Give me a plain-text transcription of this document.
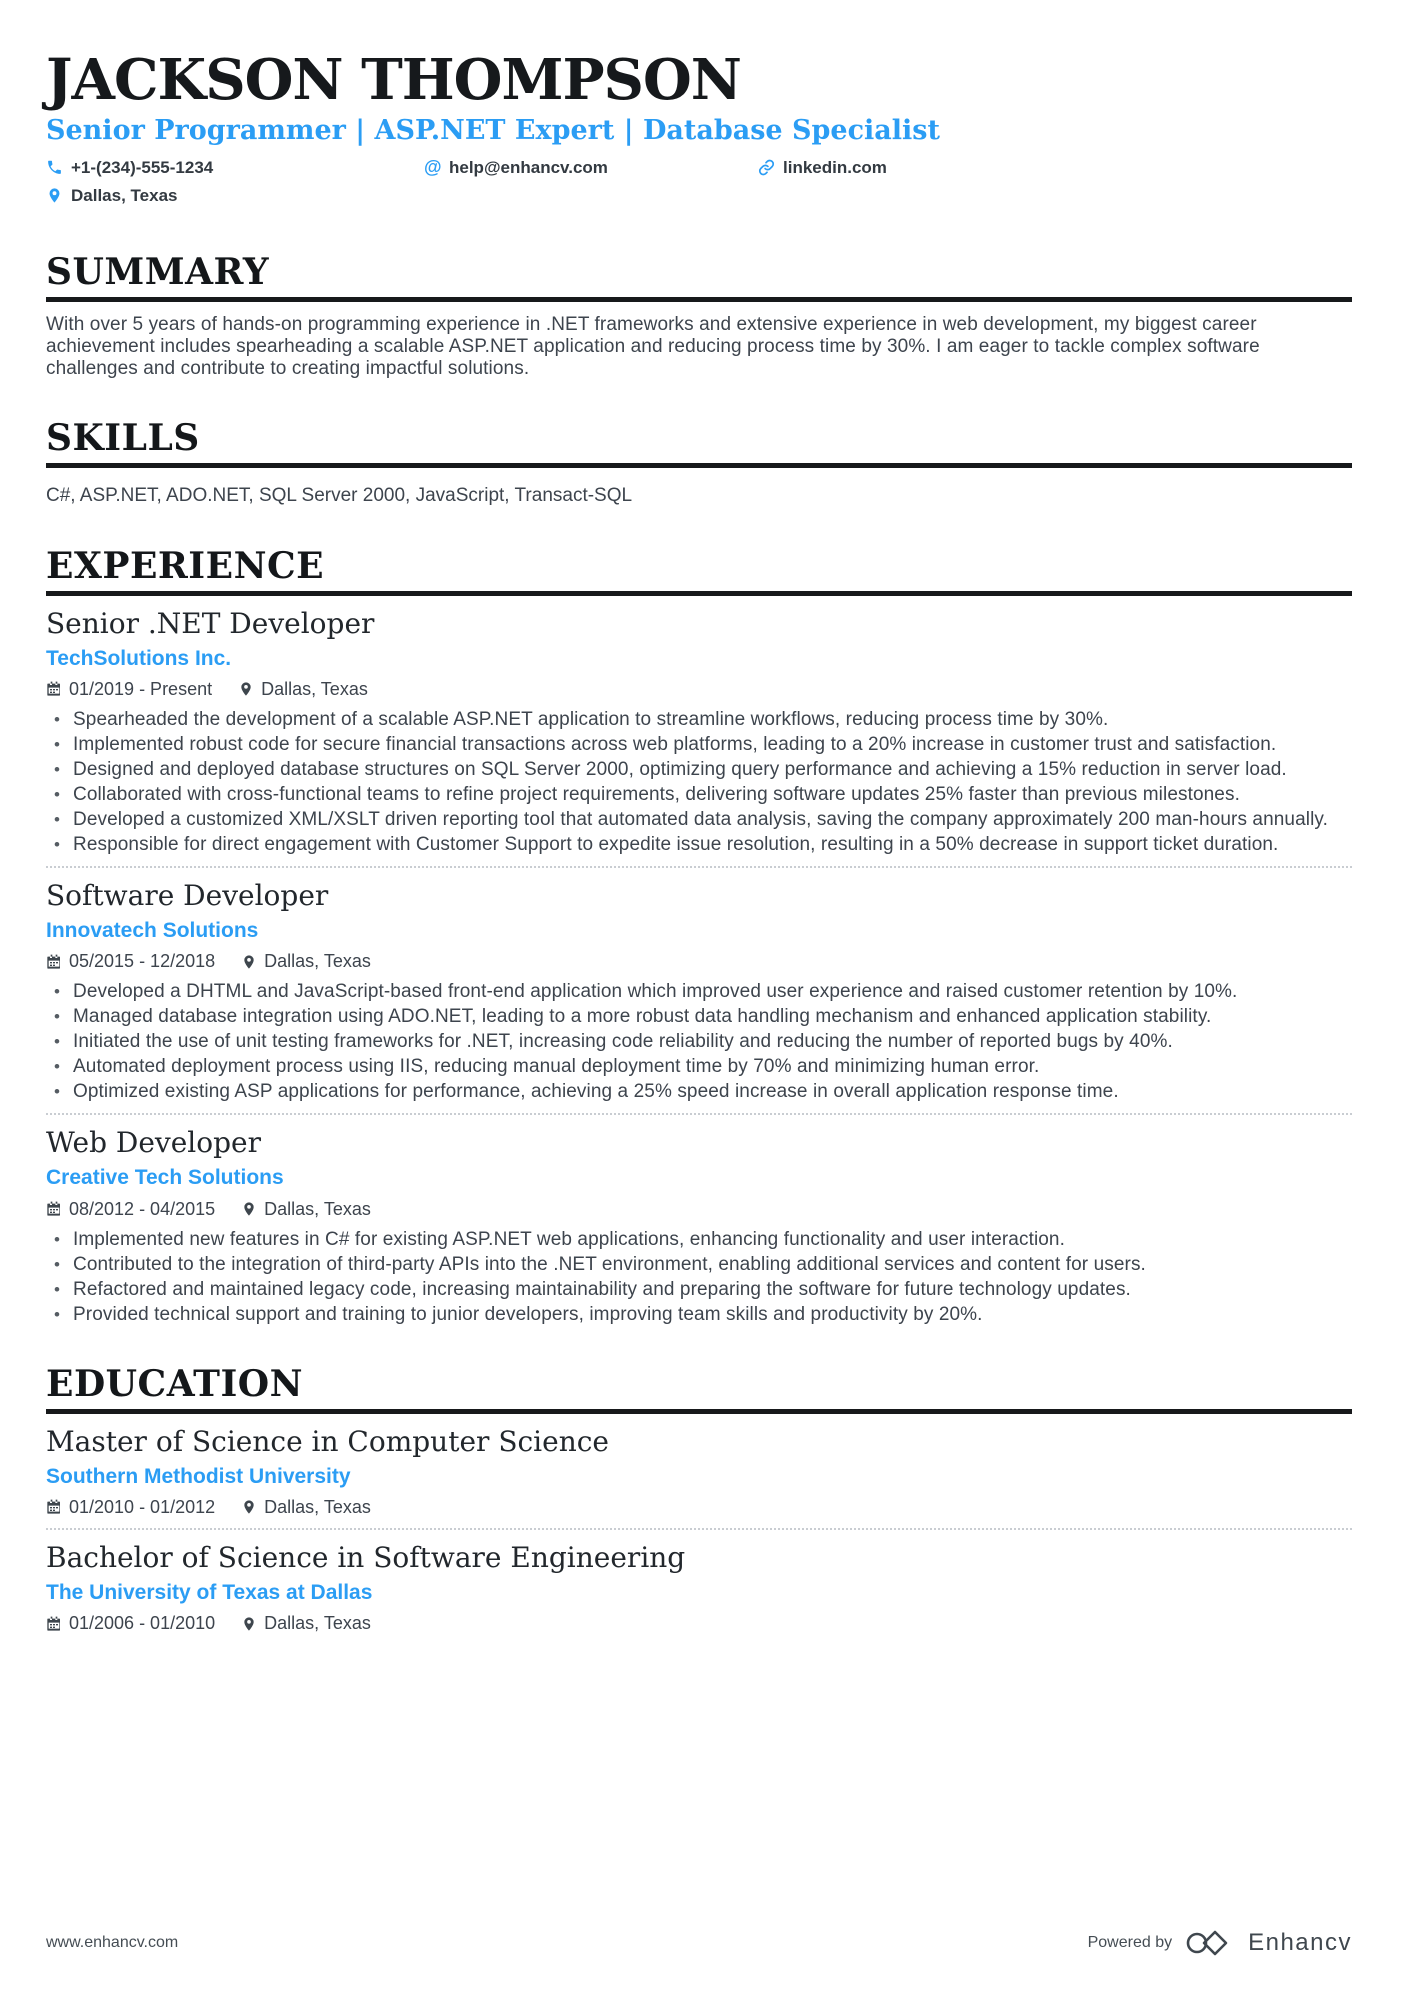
JACKSON THOMPSON
Senior Programmer | ASP.NET Expert | Database Specialist
+1-(234)-555-1234	@ help@enhancv.com	linkedin.com
Dallas, Texas
SUMMARY

With over 5 years of hands-on programming experience in .NET frameworks and extensive experience in web development, my biggest career achievement includes spearheading a scalable ASP.NET application and reducing process time by 30%. I am eager to tackle complex software challenges and contribute to creating impactful solutions.

SKILLS
C#, ASP.NET, ADO.NET, SQL Server 2000, JavaScript, Transact-SQL
EXPERIENCE
Senior .NET Developer
TechSolutions Inc.
01/2019 - Present	Dallas, Texas
• Spearheaded the development of a scalable ASP.NET application to streamline workflows, reducing process time by 30%.
• Implemented robust code for secure financial transactions across web platforms, leading to a 20% increase in customer trust and satisfaction.
• Designed and deployed database structures on SQL Server 2000, optimizing query performance and achieving a 15% reduction in server load.
• Collaborated with cross-functional teams to refine project requirements, delivering software updates 25% faster than previous milestones.
• Developed a customized XML/XSLT driven reporting tool that automated data analysis, saving the company approximately 200 man-hours annually.
• Responsible for direct engagement with Customer Support to expedite issue resolution, resulting in a 50% decrease in support ticket duration.
Software Developer
Innovatech Solutions
05/2015 - 12/2018	Dallas, Texas
• Developed a DHTML and JavaScript-based front-end application which improved user experience and raised customer retention by 10%.
• Managed database integration using ADO.NET, leading to a more robust data handling mechanism and enhanced application stability.
• Initiated the use of unit testing frameworks for .NET, increasing code reliability and reducing the number of reported bugs by 40%.
• Automated deployment process using IIS, reducing manual deployment time by 70% and minimizing human error.
• Optimized existing ASP applications for performance, achieving a 25% speed increase in overall application response time.
Web Developer
Creative Tech Solutions
08/2012 - 04/2015	Dallas, Texas
• Implemented new features in C# for existing ASP.NET web applications, enhancing functionality and user interaction.
• Contributed to the integration of third-party APIs into the .NET environment, enabling additional services and content for users.
• Refactored and maintained legacy code, increasing maintainability and preparing the software for future technology updates.
• Provided technical support and training to junior developers, improving team skills and productivity by 20%.
EDUCATION
Master of Science in Computer Science
Southern Methodist University
01/2010 - 01/2012	Dallas, Texas
Bachelor of Science in Software Engineering
The University of Texas at Dallas
01/2006 - 01/2010	Dallas, Texas
www.enhancv.com	Powered by	Enhancv
